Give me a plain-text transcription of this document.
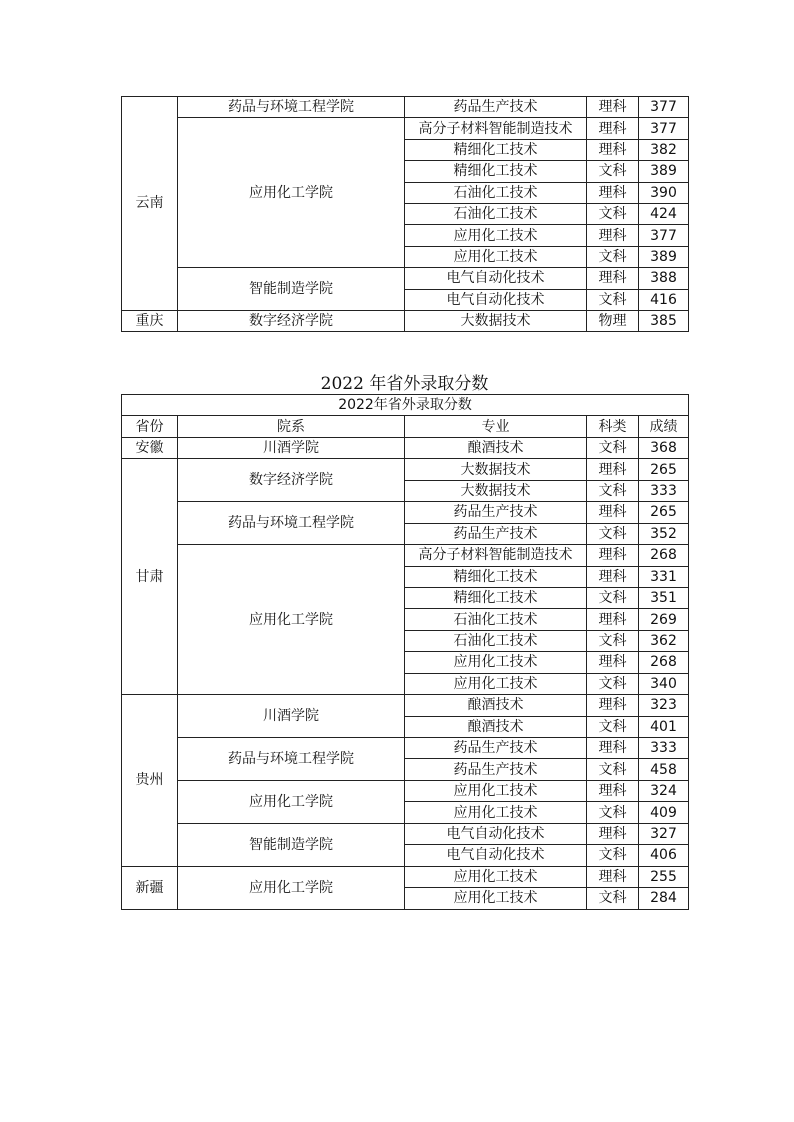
云南	药品与环境工程学院	药品生产技术	理科	377
	应用化工学院	高分子材料智能制造技术	理科	377
		精细化工技术	理科	382
		精细化工技术	文科	389
		石油化工技术	理科	390
		石油化工技术	文科	424
		应用化工技术	理科	377
		应用化工技术	文科	389
	智能制造学院	电气自动化技术	理科	388
		电气自动化技术	文科	416
重庆	数字经济学院	大数据技术	物理	385
2022 年省外录取分数
2022年省外录取分数				
省份	院系	专业	科类	成绩
安徽	川酒学院	酿酒技术	文科	368
甘肃	数字经济学院	大数据技术	理科	265
		大数据技术	文科	333
	药品与环境工程学院	药品生产技术	理科	265
		药品生产技术	文科	352
	应用化工学院	高分子材料智能制造技术	理科	268
		精细化工技术	理科	331
		精细化工技术	文科	351
		石油化工技术	理科	269
		石油化工技术	文科	362
		应用化工技术	理科	268
		应用化工技术	文科	340
贵州	川酒学院	酿酒技术	理科	323
		酿酒技术	文科	401
	药品与环境工程学院	药品生产技术	理科	333
		药品生产技术	文科	458
	应用化工学院	应用化工技术	理科	324
		应用化工技术	文科	409
	智能制造学院	电气自动化技术	理科	327
		电气自动化技术	文科	406
新疆	应用化工学院	应用化工技术	理科	255
		应用化工技术	文科	284
